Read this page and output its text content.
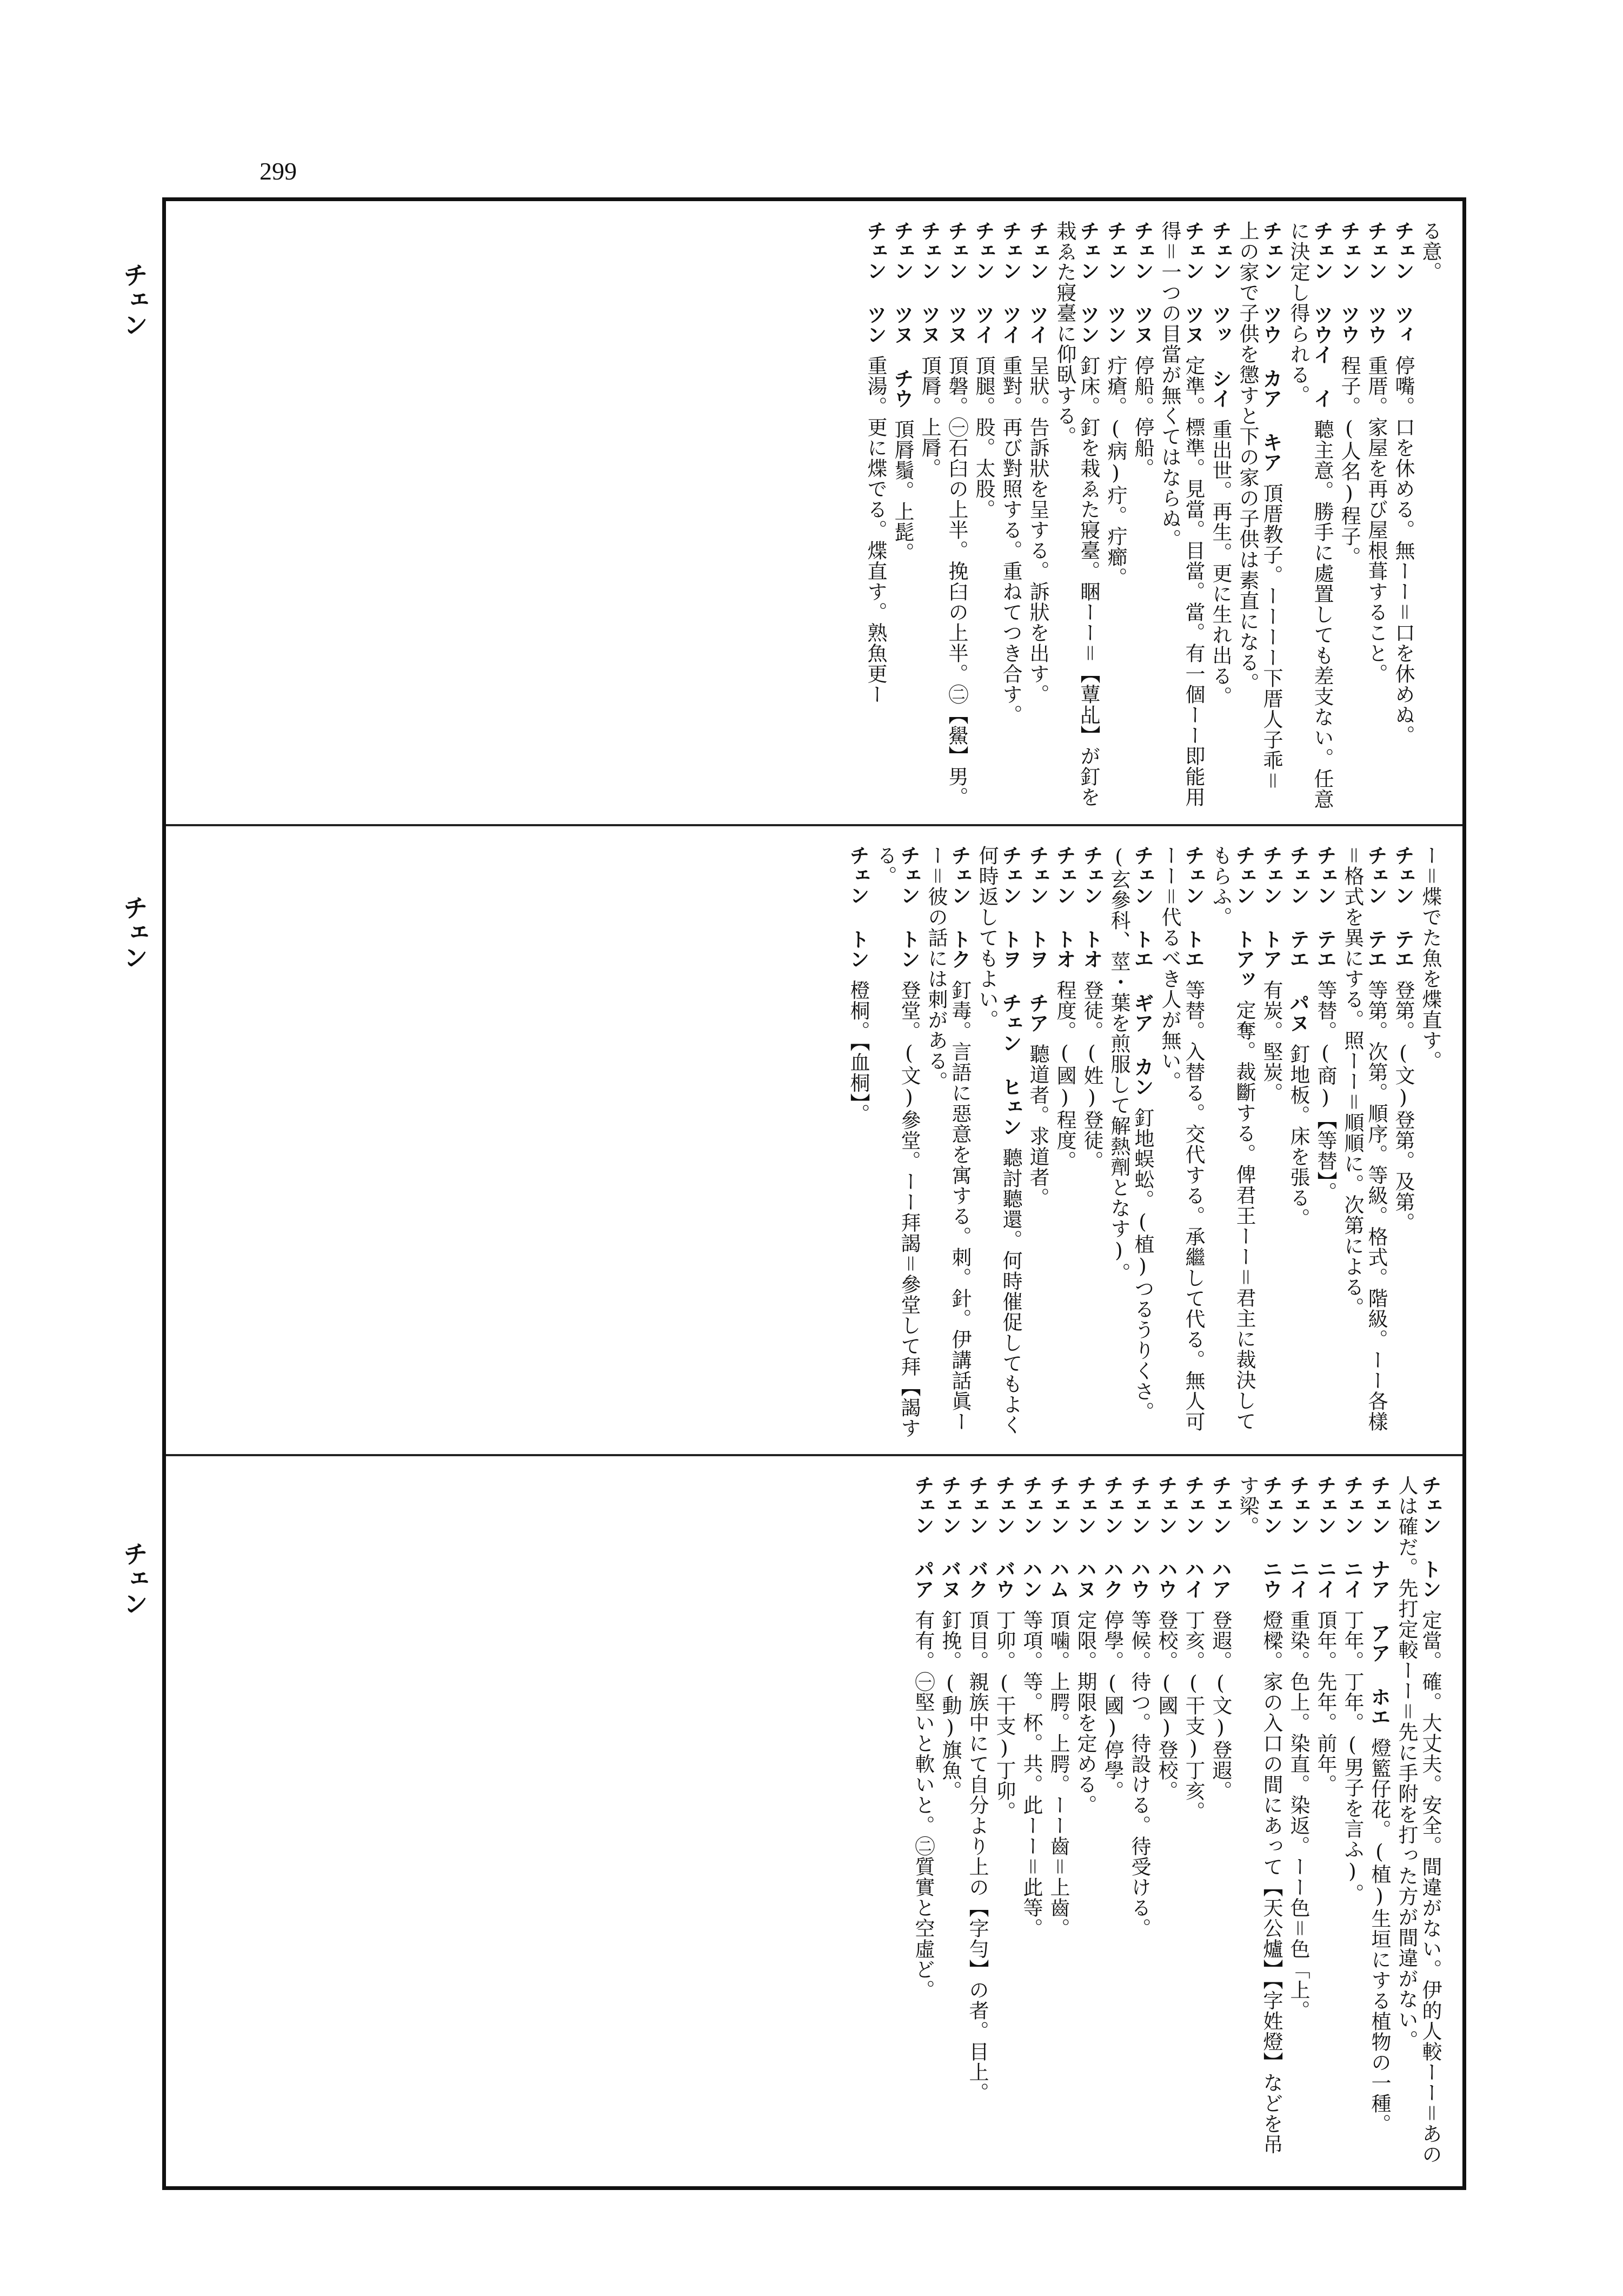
299
チェン
チェン
チェン
る意。
チェン ツィ停嘴。口を休める。無ーー＝口を休めぬ。
チェン ツウ重厝。家屋を再び屋根葺すること。
チェン ツウ程子。(人名)程子。
チェン ツウイ イ聽主意。勝手に處置しても差支ない。任意に決定し得られる。
チェン ツウ カア キア頂厝教子。ーーーー下厝人子乖＝上の家で子供を懲すと下の家の子供は素直になる。
チェン ツッ シイ重出世。再生。更に生れ出る。
チェン ツヌ定準。標準。見當。目當。當。有一個ーー即能用得＝一つの目當が無くてはならぬ。
チェン ツヌ停船。停船。
チェン ツン疔瘡。(病)疔。疔癤。
チェン ツン釘床。釘を栽ゑた寢臺。睏ーー＝【蕈乩】が釘を栽ゑた寢臺に仰臥する。
チェン ツイ呈狀。告訴狀を呈する。訴狀を出す。
チェン ツイ重對。再び對照する。重ねてつき合す。
チェン ツイ頂腿。股。太股。
チェン ツヌ頂磐。㊀石臼の上半。挽臼の上半。㊁【鱟】男。
チェン ツヌ頂脣。上脣。
チェン ツヌ チウ頂脣鬚。上髭。
チェン ツン重湯。更に煠でる。煠直す。熟魚更ー
ー＝煠でた魚を煠直す。
チェン テエ登第。(文)登第。及第。
チェン テエ等第。次第。順序。等級。格式。階級。ーー各樣＝格式を異にする。照ーー＝順順に。次第による。
チェン テエ等替。(商)【等替】。
チェン テエ パヌ釘地板。床を張る。
チェン トア有炭。堅炭。
チェン トアッ定奪。裁斷する。俾君王ーー＝君主に裁決してもらふ。
チェン トエ等替。入替る。交代する。承繼して代る。無人可ーー＝代るべき人が無い。
チェン トエ ギア カン釘地蜈蚣。(植)つるうりくさ。(玄參科、莖・葉を煎服して解熱劑となす)。
チェン トオ登徒。(姓)登徒。
チェン トオ程度。(國)程度。
チェン トヲ チア聽道者。求道者。
チェン トヲ チェン ヒェン聽討聽還。何時催促してもよく何時返してもよい。
チェン トク釘毒。言語に惡意を寓する。刺。針。伊講話眞ーー＝彼の話には刺がある。
チェン トン登堂。(文)參堂。ーー拜謁＝參堂して拜【謁する。
チェン トン橙桐。【血桐】。
チェン トン定當。確。大丈夫。安全。間違がない。伊的人較ーー＝あの人は確だ。先打定較ーー＝先に手附を打った方が間違がない。
チェン ナア アア ホエ燈籃仔花。(植)生垣にする植物の一種。
チェン ニイ丁年。丁年。(男子を言ふ)。
チェン ニイ頂年。先年。前年。
チェン ニイ重染。色上。染直。染返。ーー色＝色「上。
チェン ニウ燈樑。家の入口の間にあって【天公爐】【字姓燈】などを吊す梁。
チェン ハア登遐。(文)登遐。
チェン ハイ丁亥。(干支)丁亥。
チェン ハウ登校。(國)登校。
チェン ハウ等候。待つ。待設ける。待受ける。
チェン ハク停學。(國)停學。
チェン ハヌ定限。期限を定める。
チェン ハム頂噛。上腭。上腭。ーー齒＝上齒。
チェン ハン等項。等。杯。共。此ーー＝此等。
チェン バウ丁卯。(干支)丁卯。
チェン バク頂目。親族中にて自分より上の【字勻】の者。目上。
チェン バヌ釘挽。(動)旗魚。
チェン パア有有。㊀堅いと軟いと。㊁質實と空虛ど。
